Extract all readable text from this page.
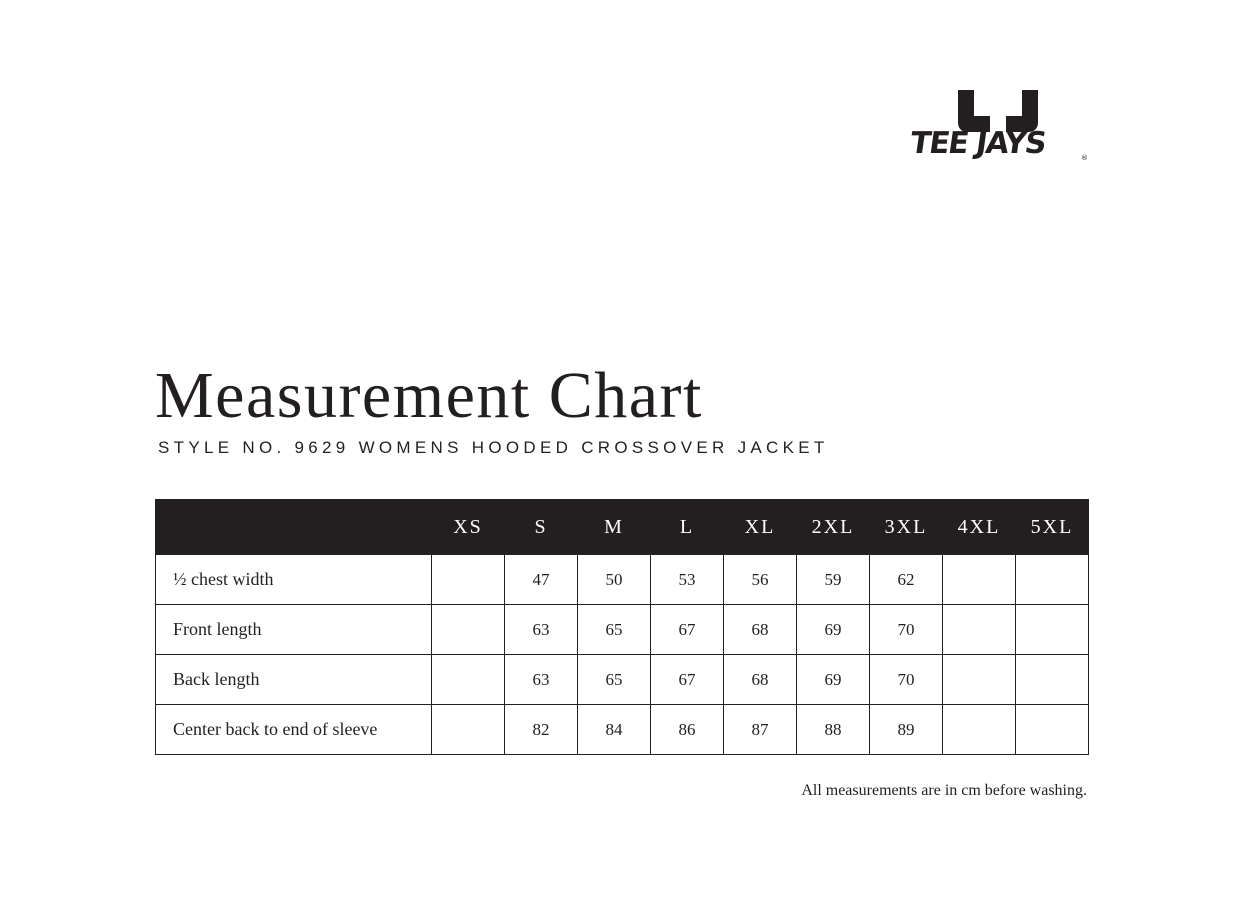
TEE JAYS	®
Measurement Chart
STYLE NO. 9629 WOMENS HOODED CROSSOVER JACKET
	XS	S	M	L	XL	2XL	3XL	4XL	5XL
½ chest width		47	50	53	56	59	62		
Front length		63	65	67	68	69	70		
Back length		63	65	67	68	69	70		
Center back to end of sleeve		82	84	86	87	88	89		

All measurements are in cm before washing.
